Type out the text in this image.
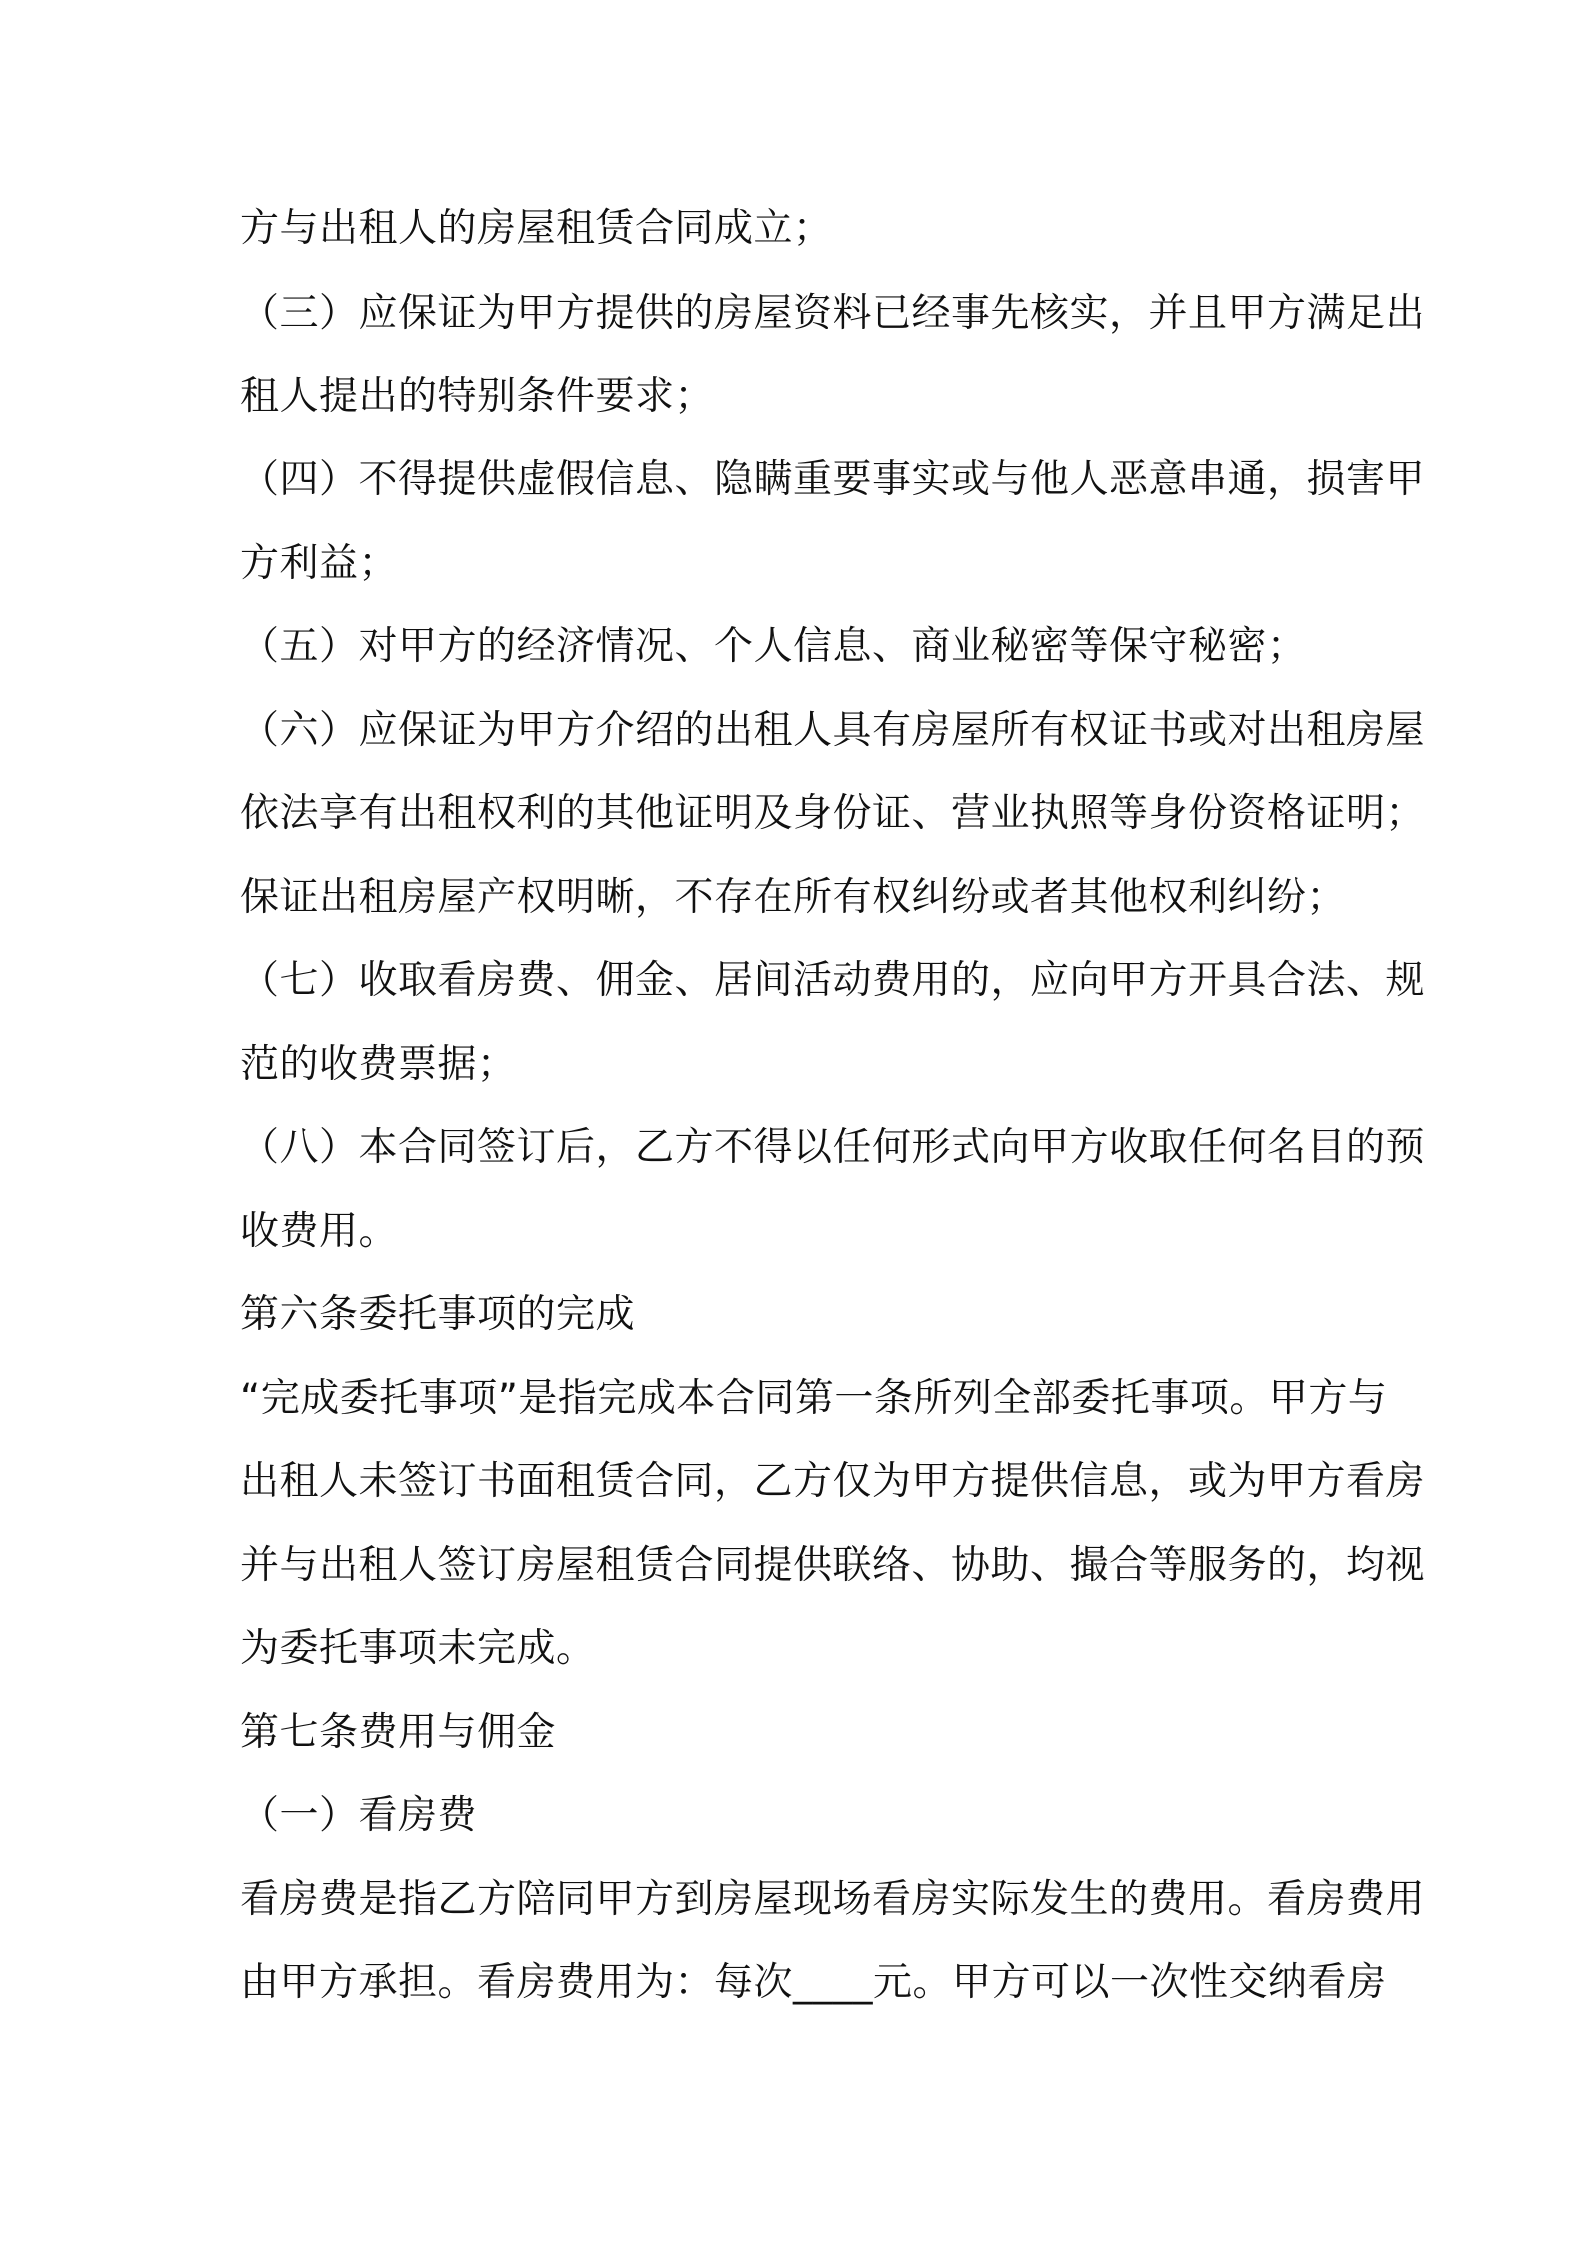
方与出租人的房屋租赁合同成立；
（三）应保证为甲方提供的房屋资料已经事先核实，并且甲方满足出
租人提出的特别条件要求；
（四）不得提供虚假信息、隐瞒重要事实或与他人恶意串通，损害甲
方利益；
（五）对甲方的经济情况、个人信息、商业秘密等保守秘密；
（六）应保证为甲方介绍的出租人具有房屋所有权证书或对出租房屋
依法享有出租权利的其他证明及身份证、营业执照等身份资格证明；
保证出租房屋产权明晰，不存在所有权纠纷或者其他权利纠纷；
（七）收取看房费、佣金、居间活动费用的，应向甲方开具合法、规
范的收费票据；
（八）本合同签订后，乙方不得以任何形式向甲方收取任何名目的预
收费用。
第六条委托事项的完成
“完成委托事项”是指完成本合同第一条所列全部委托事项。甲方与
出租人未签订书面租赁合同，乙方仅为甲方提供信息，或为甲方看房
并与出租人签订房屋租赁合同提供联络、协助、撮合等服务的，均视
为委托事项未完成。
第七条费用与佣金
（一）看房费
看房费是指乙方陪同甲方到房屋现场看房实际发生的费用。看房费用
由甲方承担。看房费用为：每次____元。甲方可以一次性交纳看房
